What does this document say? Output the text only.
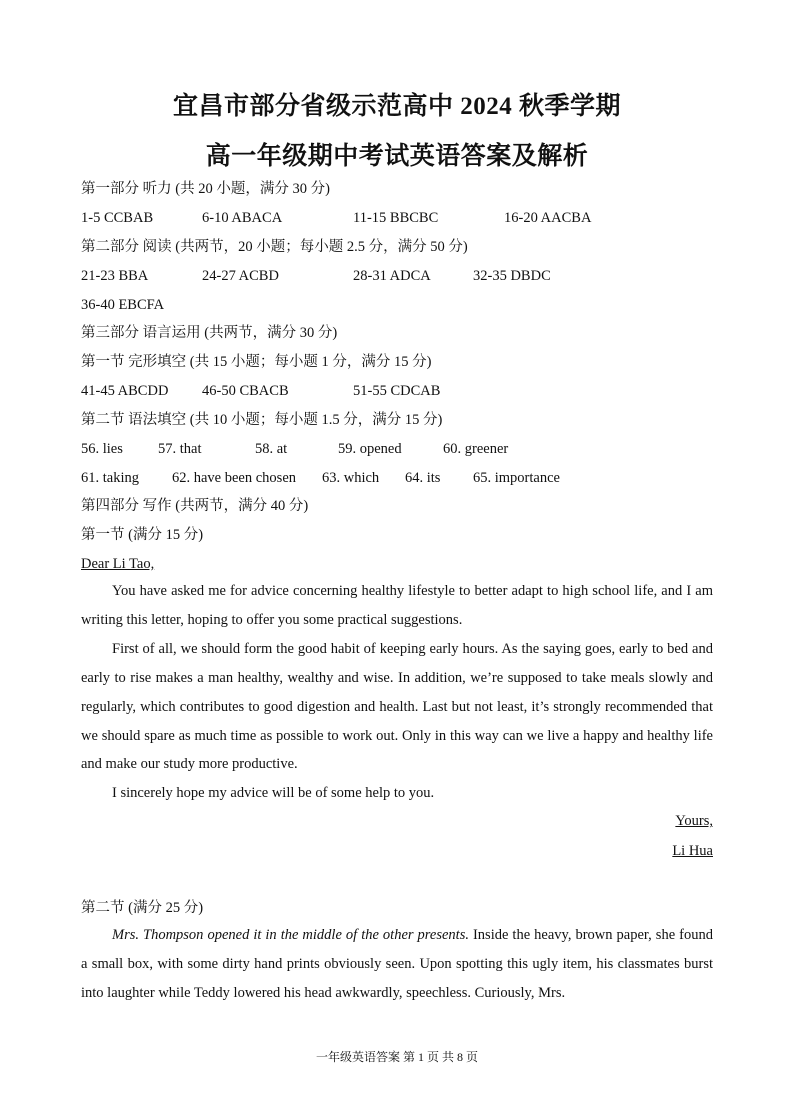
宜昌市部分省级示范高中 2024 秋季学期
高一年级期中考试英语答案及解析
第一部分 听力 (共 20 小题，满分 30 分)
1-5 CCBAB	6-10 ABACA	11-15 BBCBC	16-20 AACBA
第二部分 阅读 (共两节，20 小题；每小题 2.5 分，满分 50 分)
21-23 BBA	24-27 ACBD	28-31 ADCA	32-35 DBDC
36-40 EBCFA
第三部分 语言运用 (共两节，满分 30 分)
第一节 完形填空 (共 15 小题；每小题 1 分，满分 15 分)
41-45 ABCDD 46-50 CBACB	51-55 CDCAB
第二节 语法填空 (共 10 小题；每小题 1.5 分，满分 15 分)
56. lies 57. that	58. at	59. opened	60. greener
61. taking 62. have been chosen 63. which 64. its 65. importance
第四部分 写作 (共两节，满分 40 分)
第一节 (满分 15 分)
Dear Li Tao,

You have asked me for advice concerning healthy lifestyle to better adapt to high school life, and I am writing this letter, hoping to offer you some practical suggestions.

First of all, we should form the good habit of keeping early hours. As the saying goes, early to bed and early to rise makes a man healthy, wealthy and wise. In addition, we’re supposed to take meals slowly and regularly, which contributes to good digestion and health. Last but not least, it’s strongly recommended that we should spare as much time as possible to work out. Only in this way can we live a happy and healthy life and make our study more productive.

I sincerely hope my advice will be of some help to you.

Yours,
Li Hua
第二节 (满分 25 分)

Mrs. Thompson opened it in the middle of the other presents. Inside the heavy, brown paper, she found a small box, with some dirty hand prints obviously seen. Upon spotting this ugly item, his classmates burst into laughter while Teddy lowered his head awkwardly, speechless. Curiously, Mrs.

一年级英语答案 第 1 页 共 8 页
